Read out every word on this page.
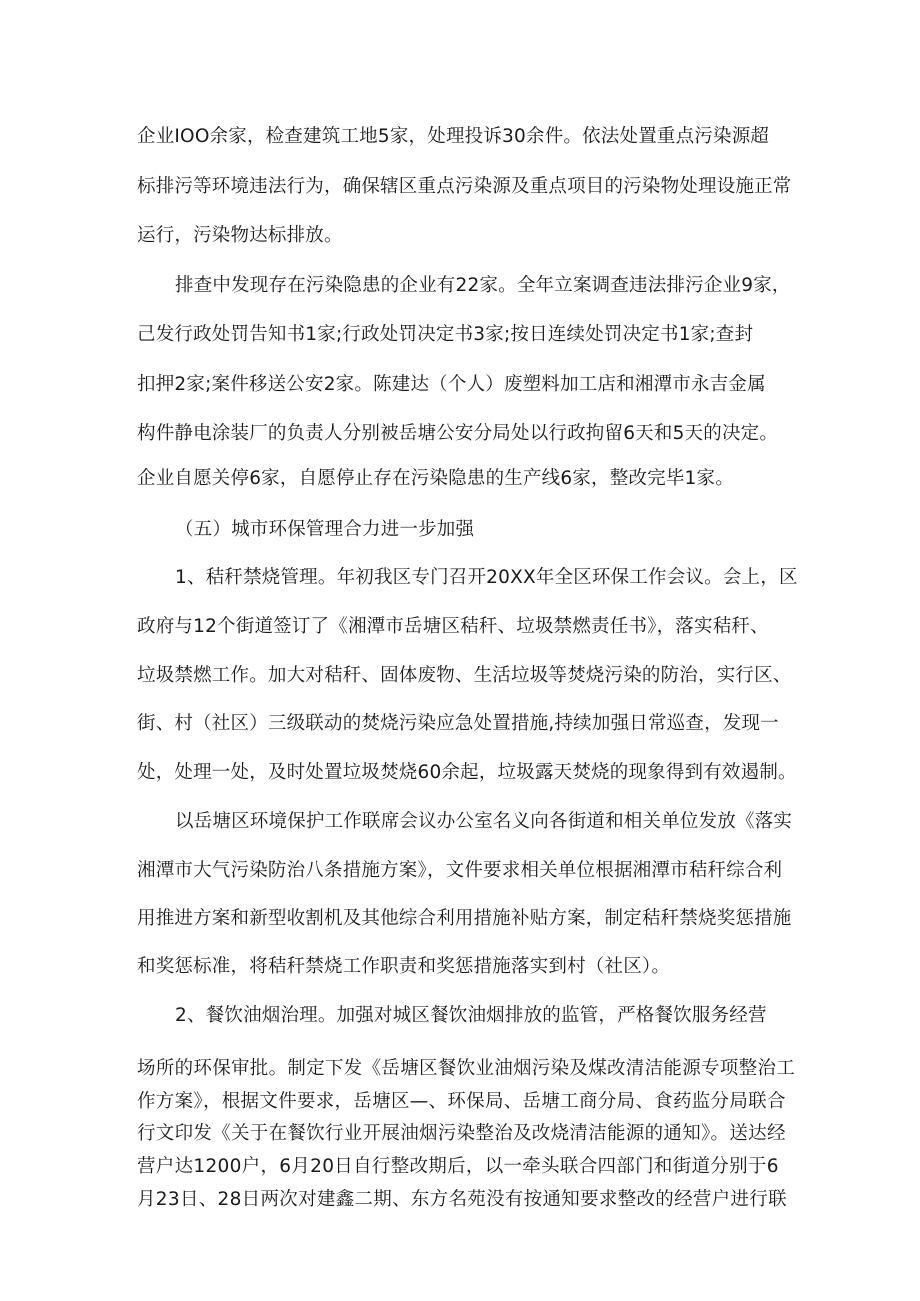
企业IOO余家，检查建筑工地5家，处理投诉30余件。依法处置重点污染源超

标排污等环境违法行为，确保辖区重点污染源及重点项目的污染物处理设施正常

运行，污染物达标排放。

排查中发现存在污染隐患的企业有22家。全年立案调查违法排污企业9家，

己发行政处罚告知书1家;行政处罚决定书3家;按日连续处罚决定书1家;查封

扣押2家;案件移送公安2家。陈建达（个人）废塑料加工店和湘潭市永吉金属

构件静电涂装厂的负责人分别被岳塘公安分局处以行政拘留6天和5天的决定。

企业自愿关停6家，自愿停止存在污染隐患的生产线6家，整改完毕1家。

（五）城市环保管理合力进一步加强

1、秸秆禁烧管理。年初我区专门召开20XX年全区环保工作会议。会上，区

政府与12个街道签订了《湘潭市岳塘区秸秆、垃圾禁燃责任书》，落实秸秆、

垃圾禁燃工作。加大对秸秆、固体废物、生活垃圾等焚烧污染的防治，实行区、

街、村（社区）三级联动的焚烧污染应急处置措施,持续加强日常巡查，发现一

处，处理一处，及时处置垃圾焚烧60余起，垃圾露天焚烧的现象得到有效遏制。

以岳塘区环境保护工作联席会议办公室名义向各街道和相关单位发放《落实

湘潭市大气污染防治八条措施方案》，文件要求相关单位根据湘潭市秸秆综合利

用推进方案和新型收割机及其他综合利用措施补贴方案，制定秸秆禁烧奖惩措施

和奖惩标准，将秸秆禁烧工作职责和奖惩措施落实到村（社区）。

2、餐饮油烟治理。加强对城区餐饮油烟排放的监管，严格餐饮服务经营

场所的环保审批。制定下发《岳塘区餐饮业油烟污染及煤改清洁能源专项整治工

作方案》，根据文件要求，岳塘区—、环保局、岳塘工商分局、食药监分局联合

行文印发《关于在餐饮行业开展油烟污染整治及改烧清洁能源的通知》。送达经

营户达1200户，6月20日自行整改期后，以一牵头联合四部门和街道分别于6

月23日、28日两次对建鑫二期、东方名苑没有按通知要求整改的经营户进行联
